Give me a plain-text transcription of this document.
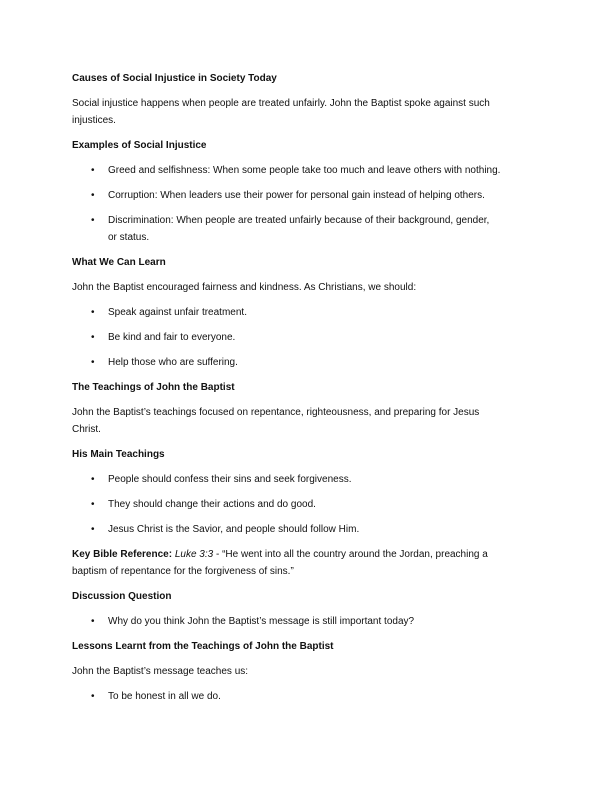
Causes of Social Injustice in Society Today
Social injustice happens when people are treated unfairly. John the Baptist spoke against such
injustices.
Examples of Social Injustice
• Greed and selfishness: When some people take too much and leave others with nothing.
• Corruption: When leaders use their power for personal gain instead of helping others.
• Discrimination: When people are treated unfairly because of their background, gender,
or status.
What We Can Learn
John the Baptist encouraged fairness and kindness. As Christians, we should:
• Speak against unfair treatment.
• Be kind and fair to everyone.
• Help those who are suffering.
The Teachings of John the Baptist
John the Baptist’s teachings focused on repentance, righteousness, and preparing for Jesus
Christ.
His Main Teachings
• People should confess their sins and seek forgiveness.
• They should change their actions and do good.
• Jesus Christ is the Savior, and people should follow Him.
Key Bible Reference: Luke 3:3 - “He went into all the country around the Jordan, preaching a
baptism of repentance for the forgiveness of sins.”
Discussion Question
• Why do you think John the Baptist’s message is still important today?
Lessons Learnt from the Teachings of John the Baptist
John the Baptist’s message teaches us:
• To be honest in all we do.
